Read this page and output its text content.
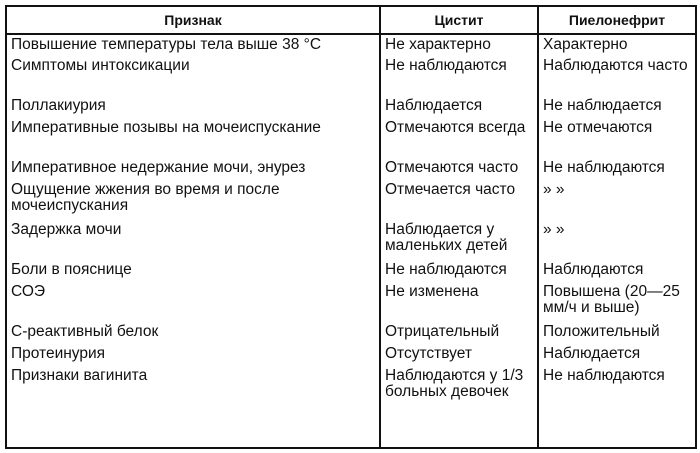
Признак	Цистит	Пиелонефрит
Повышение температуры тела выше 38 °С	Не характерно	Характерно
Симптомы интоксикации	Не наблюдаются	Наблюдаются часто
Поллакиурия	Наблюдается	Не наблюдается
Императивные позывы на мочеиспускание	Отмечаются всегда	Не отмечаются
Императивное недержание мочи, энурез	Отмечаются часто	Не наблюдаются
Ощущение жжения во время и после мочеиспускания	Отмечается часто	» »
Задержка мочи	Наблюдается у маленьких детей	» »
Боли в пояснице	Не наблюдаются	Наблюдаются
СОЭ	Не изменена	Повышена (20—25 мм/ч и выше)
С-реактивный белок	Отрицательный	Положительный
Протеинурия	Отсутствует	Наблюдается
Признаки вагинита	Наблюдаются у 1/3 больных девочек	Не наблюдаются
